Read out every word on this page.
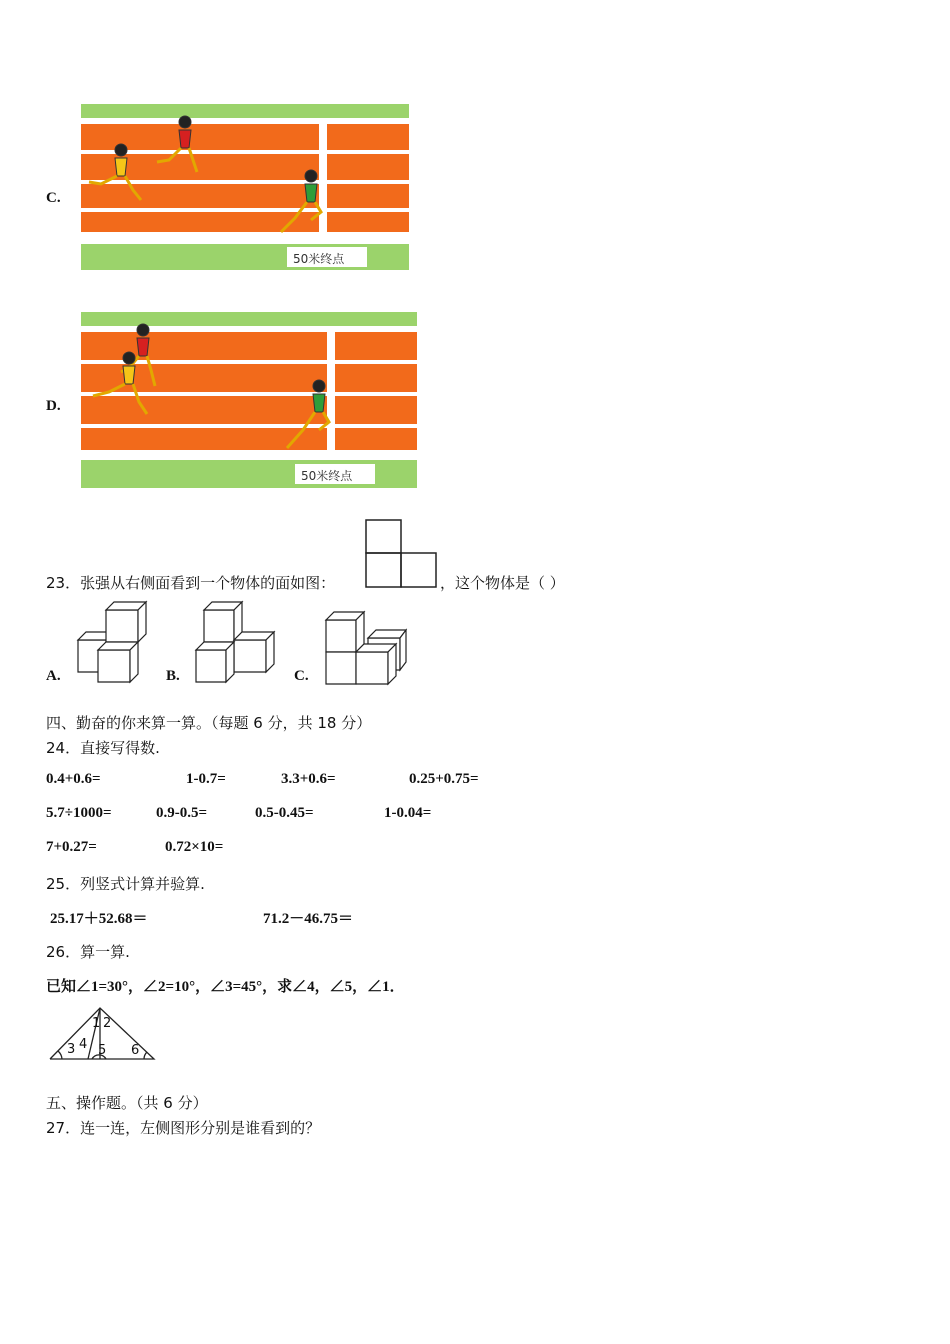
C.
50米终点
D.
50米终点
23．张强从右侧面看到一个物体的面如图：	，这个物体是（ ）
A.	B.	C.
四、勤奋的你来算一算。（每题 6 分，共 18 分）
24．直接写得数.
0.4+0.6=	1-0.7=	3.3+0.6=	0.25+0.75=
5.7÷1000=	0.9-0.5=	0.5-0.45=	1-0.04=
7+0.27=	0.72×10=
25．列竖式计算并验算.
25.17＋52.68＝	71.2－46.75＝
26．算一算.
已知∠1=30°，∠2=10°，∠3=45°，求∠4，∠5，∠1．
1 2
3 4 5 6
五、操作题。（共 6 分）
27．连一连，左侧图形分别是谁看到的？
